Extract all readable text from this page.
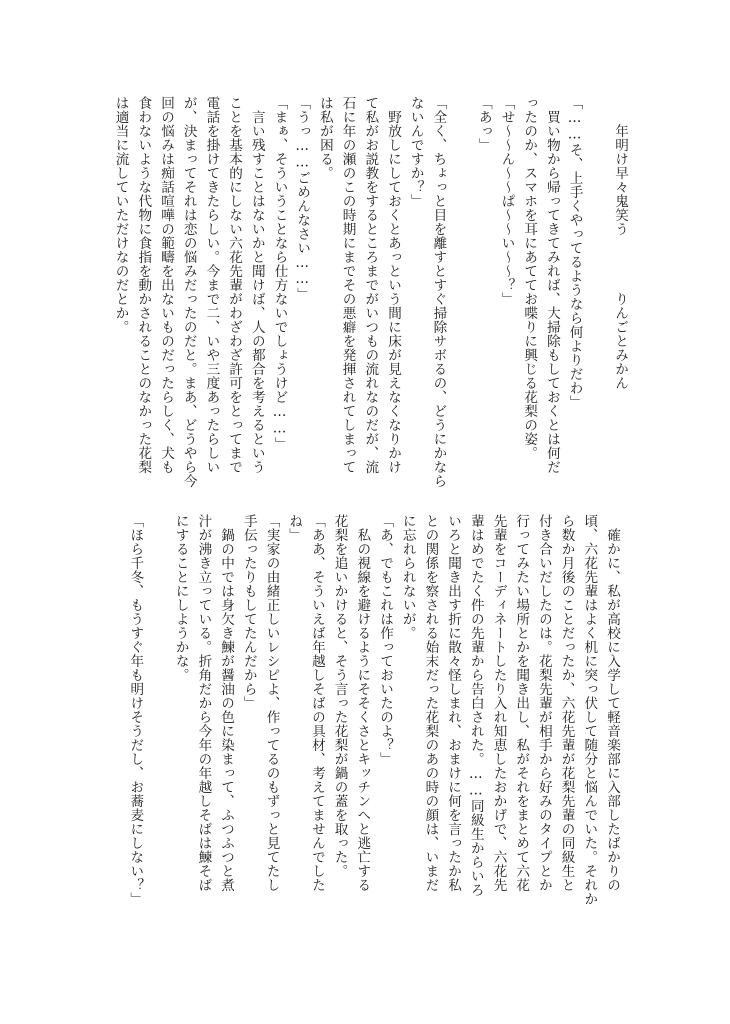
　　年明け早々鬼笑う　　　　りんごとみかん
「……そ、上手くやってるようなら何よりだわ」
　買い物から帰ってきてみれば、大掃除もしておくとは何だ
ったのか、スマホを耳にあててお喋りに興じる花梨の姿。
「せ〜〜ん〜〜ぱ〜〜い〜〜？」
「あっ」
「全く、ちょっと目を離すとすぐ掃除サボるの、どうにかなら
ないんですか？」
　野放しにしておくとあっという間に床が見えなくなりかけ
て私がお説教をするところまでがいつもの流れなのだが、流
石に年の瀬のこの時期にまでその悪癖を発揮されてしまって
は私が困る。
「うっ……ごめんなさい……」
「まぁ、そういうことなら仕方ないでしょうけど……」
　言い残すことはないかと聞けば、人の都合を考えるという
ことを基本的にしない六花先輩がわざわざ許可をとってまで
電話を掛けてきたらしい。今まで二、いや三度あったらしい
が、決まってそれは恋の悩みだったのだと。まあ、どうやら今
回の悩みは痴話喧嘩の範疇を出ないものだったらしく、犬も
食わないような代物に食指を動かされることのなかった花梨
は適当に流していただけなのだとか。
　確かに、私が高校に入学して軽音楽部に入部したばかりの
頃、六花先輩はよく机に突っ伏して随分と悩んでいた。それか
ら数か月後のことだったか、六花先輩が花梨先輩の同級生と
付き合いだしたのは。花梨先輩が相手から好みのタイプとか
行ってみたい場所とかを聞き出し、私がそれをまとめて六花
先輩をコーディネートしたり入れ知恵したおかげで、六花先
輩はめでたく件の先輩から告白された。……同級生からいろ
いろと聞き出す折に散々怪しまれ、おまけに何を言ったか私
との関係を察される始末だった花梨のあの時の顔は、いまだ
に忘れられないが。
「あ、でもこれは作っておいたのよ？」
　私の視線を避けるようにそそくさとキッチンへと逃亡する
花梨を追いかけると、そう言った花梨が鍋の蓋を取った。
「ああ、そういえば年越しそばの具材、考えてませんでした
ね」
「実家の由緒正しいレシピよ、作ってるのもずっと見てたし
手伝ったりもしてたんだから」
　鍋の中では身欠き鰊が醤油の色に染まって、ふつふつと煮
汁が沸き立っている。折角だから今年の年越しそばは鰊そば
にすることにしようかな。
「ほら千冬、もうすぐ年も明けそうだし、お蕎麦にしない？」
